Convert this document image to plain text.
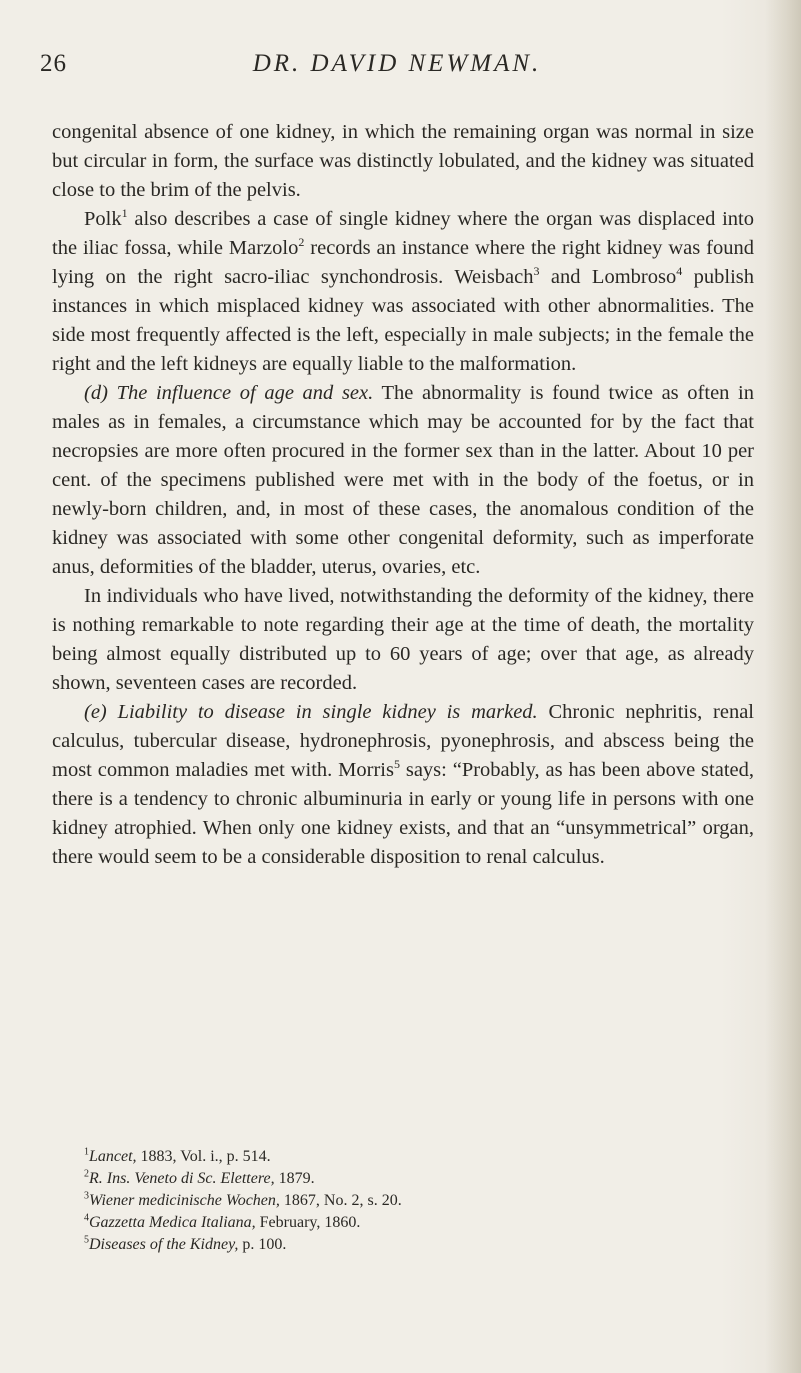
26	DR. DAVID NEWMAN.

congenital absence of one kidney, in which the remaining organ was normal in size but circular in form, the surface was distinctly lobulated, and the kidney was situated close to the brim of the pelvis.

Polk$^1$ also describes a case of single kidney where the organ was displaced into the iliac fossa, while Marzolo$^2$ records an instance where the right kidney was found lying on the right sacro-iliac synchondrosis. Weisbach$^3$ and Lombroso$^4$ publish instances in which misplaced kidney was associated with other abnormalities. The side most frequently affected is the left, especially in male subjects; in the female the right and the left kidneys are equally liable to the malformation.

(d) The influence of age and sex. The abnormality is found twice as often in males as in females, a circumstance which may be accounted for by the fact that necropsies are more often procured in the former sex than in the latter. About 10 per cent. of the specimens published were met with in the body of the foetus, or in newly-born children, and, in most of these cases, the anomalous condition of the kidney was associated with some other congenital deformity, such as imperforate anus, deformities of the bladder, uterus, ovaries, etc.

In individuals who have lived, notwithstanding the deformity of the kidney, there is nothing remarkable to note regarding their age at the time of death, the mortality being almost equally distributed up to 60 years of age; over that age, as already shown, seventeen cases are recorded.

(e) Liability to disease in single kidney is marked. Chronic nephritis, renal calculus, tubercular disease, hydronephrosis, pyonephrosis, and abscess being the most common maladies met with. Morris$^5$ says: “Probably, as has been above stated, there is a tendency to chronic albuminuria in early or young life in persons with one kidney atrophied. When only one kidney exists, and that an “unsymmetrical” organ, there would seem to be a considerable disposition to renal calculus.

$^1$Lancet, 1883, Vol. i., p. 514.

$^2$R. Ins. Veneto di Sc. Elettere, 1879.

$^3$Wiener medicinische Wochen, 1867, No. 2, s. 20.

$^4$Gazzetta Medica Italiana, February, 1860.

$^5$Diseases of the Kidney, p. 100.
